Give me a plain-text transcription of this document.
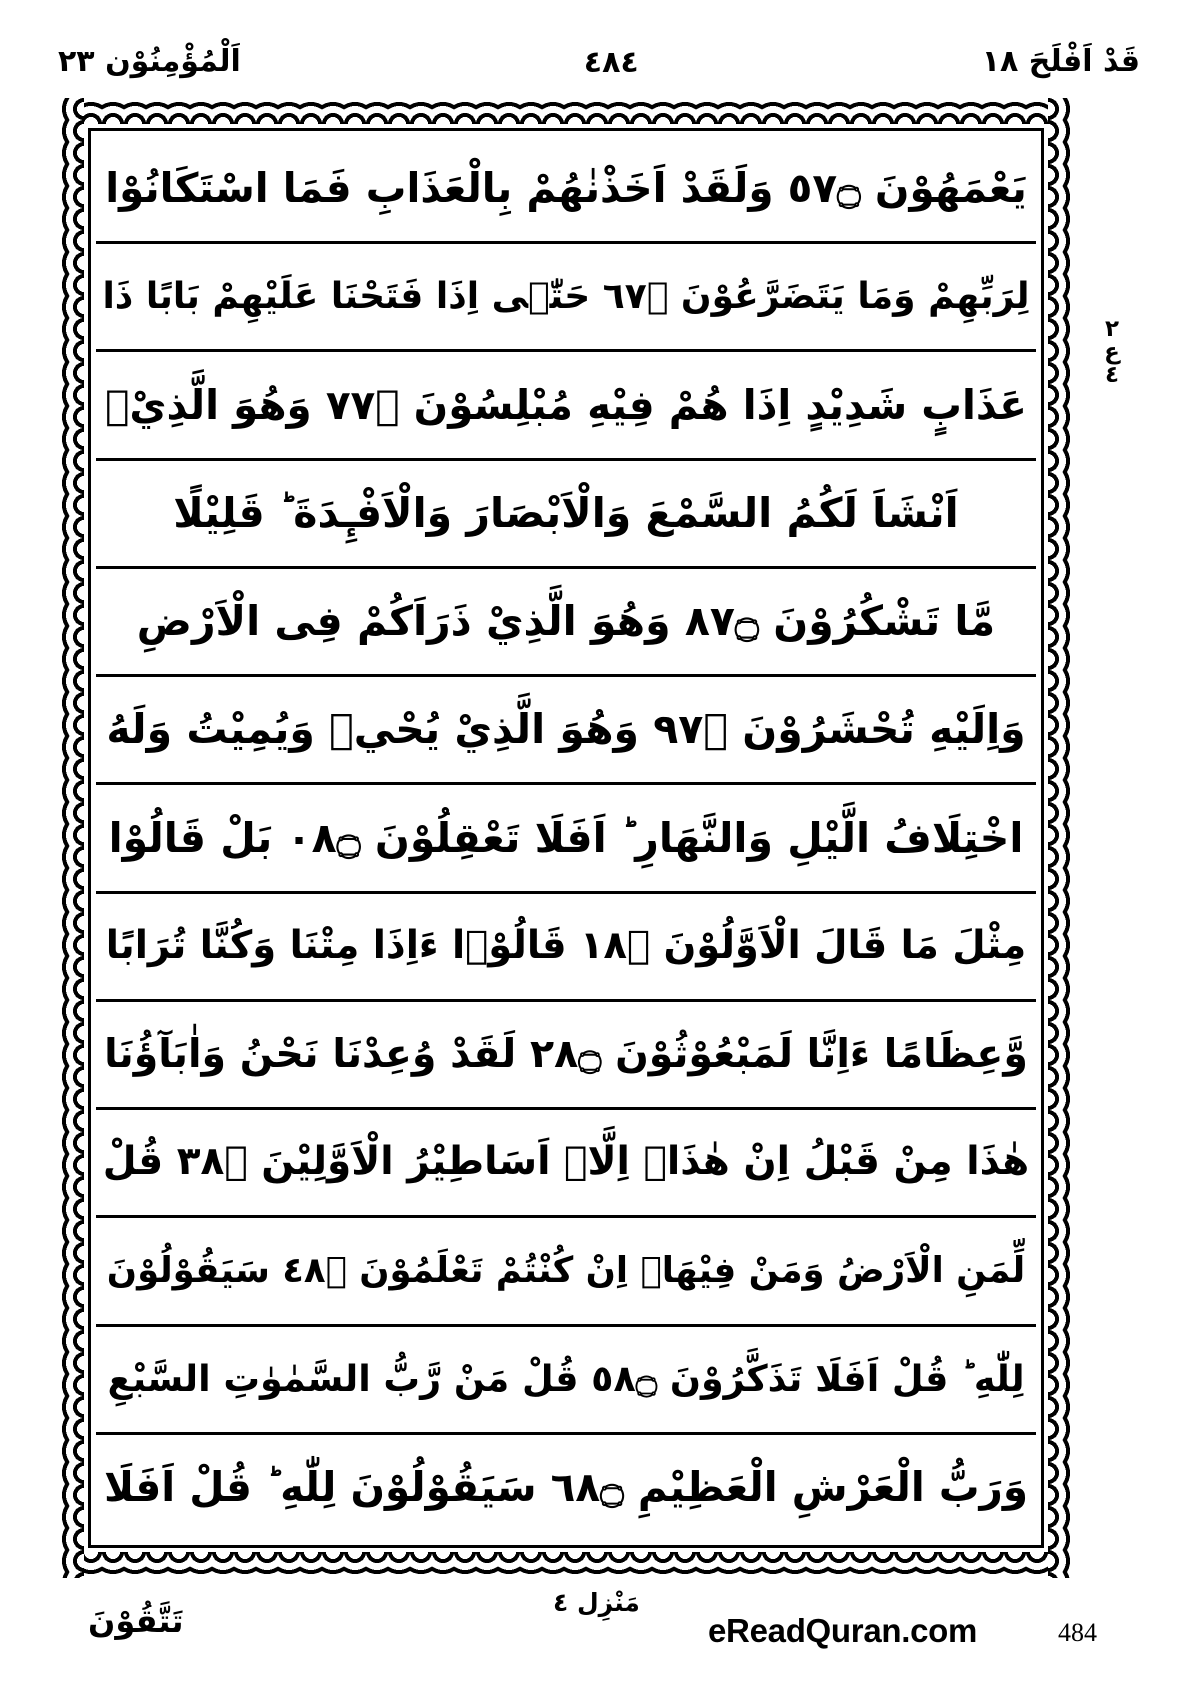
قَدْ اَفْلَحَ ١٨
٤٨٤
اَلْمُؤْمِنُوْن ٢٣
٢
ع
٤
يَعْمَهُوْنَ ۝٧٥ وَلَقَدْ اَخَذْنٰهُمْ بِالْعَذَابِ فَمَا اسْتَكَانُوْا
لِرَبِّهِمْ وَمَا يَتَضَرَّعُوْنَ ۝٧٦ حَتّٰۤى اِذَا فَتَحْنَا عَلَيْهِمْ بَابًا ذَا
عَذَابٍ شَدِيْدٍ اِذَا هُمْ فِيْهِ مُبْلِسُوْنَ ۝٧٧ وَهُوَ الَّذِيْۤ
اَنْشَاَ لَكُمُ السَّمْعَ وَالْاَبْصَارَ وَالْاَفْـِٕدَةَ ؕ قَلِيْلًا
مَّا تَشْكُرُوْنَ ۝٧٨ وَهُوَ الَّذِيْ ذَرَاَكُمْ فِى الْاَرْضِ
وَاِلَيْهِ تُحْشَرُوْنَ ۝٧٩ وَهُوَ الَّذِيْ يُحْيٖ وَيُمِيْتُ وَلَهُ
اخْتِلَافُ الَّيْلِ وَالنَّهَارِ ؕ اَفَلَا تَعْقِلُوْنَ ۝٨٠ بَلْ قَالُوْا
مِثْلَ مَا قَالَ الْاَوَّلُوْنَ ۝٨١ قَالُوْۤا ءَاِذَا مِتْنَا وَكُنَّا تُرَابًا
وَّعِظَامًا ءَاِنَّا لَمَبْعُوْثُوْنَ ۝٨٢ لَقَدْ وُعِدْنَا نَحْنُ وَاٰبَآؤُنَا
هٰذَا مِنْ قَبْلُ اِنْ هٰذَاۤ اِلَّاۤ اَسَاطِيْرُ الْاَوَّلِيْنَ ۝٨٣ قُلْ
لِّمَنِ الْاَرْضُ وَمَنْ فِيْهَاۤ اِنْ كُنْتُمْ تَعْلَمُوْنَ ۝٨٤ سَيَقُوْلُوْنَ
لِلّٰهِ ؕ قُلْ اَفَلَا تَذَكَّرُوْنَ ۝٨٥ قُلْ مَنْ رَّبُّ السَّمٰوٰتِ السَّبْعِ
وَرَبُّ الْعَرْشِ الْعَظِيْمِ ۝٨٦ سَيَقُوْلُوْنَ لِلّٰهِ ؕ قُلْ اَفَلَا
تَتَّقُوْنَ	مَنْزِل ٤
eReadQuran.com	484
